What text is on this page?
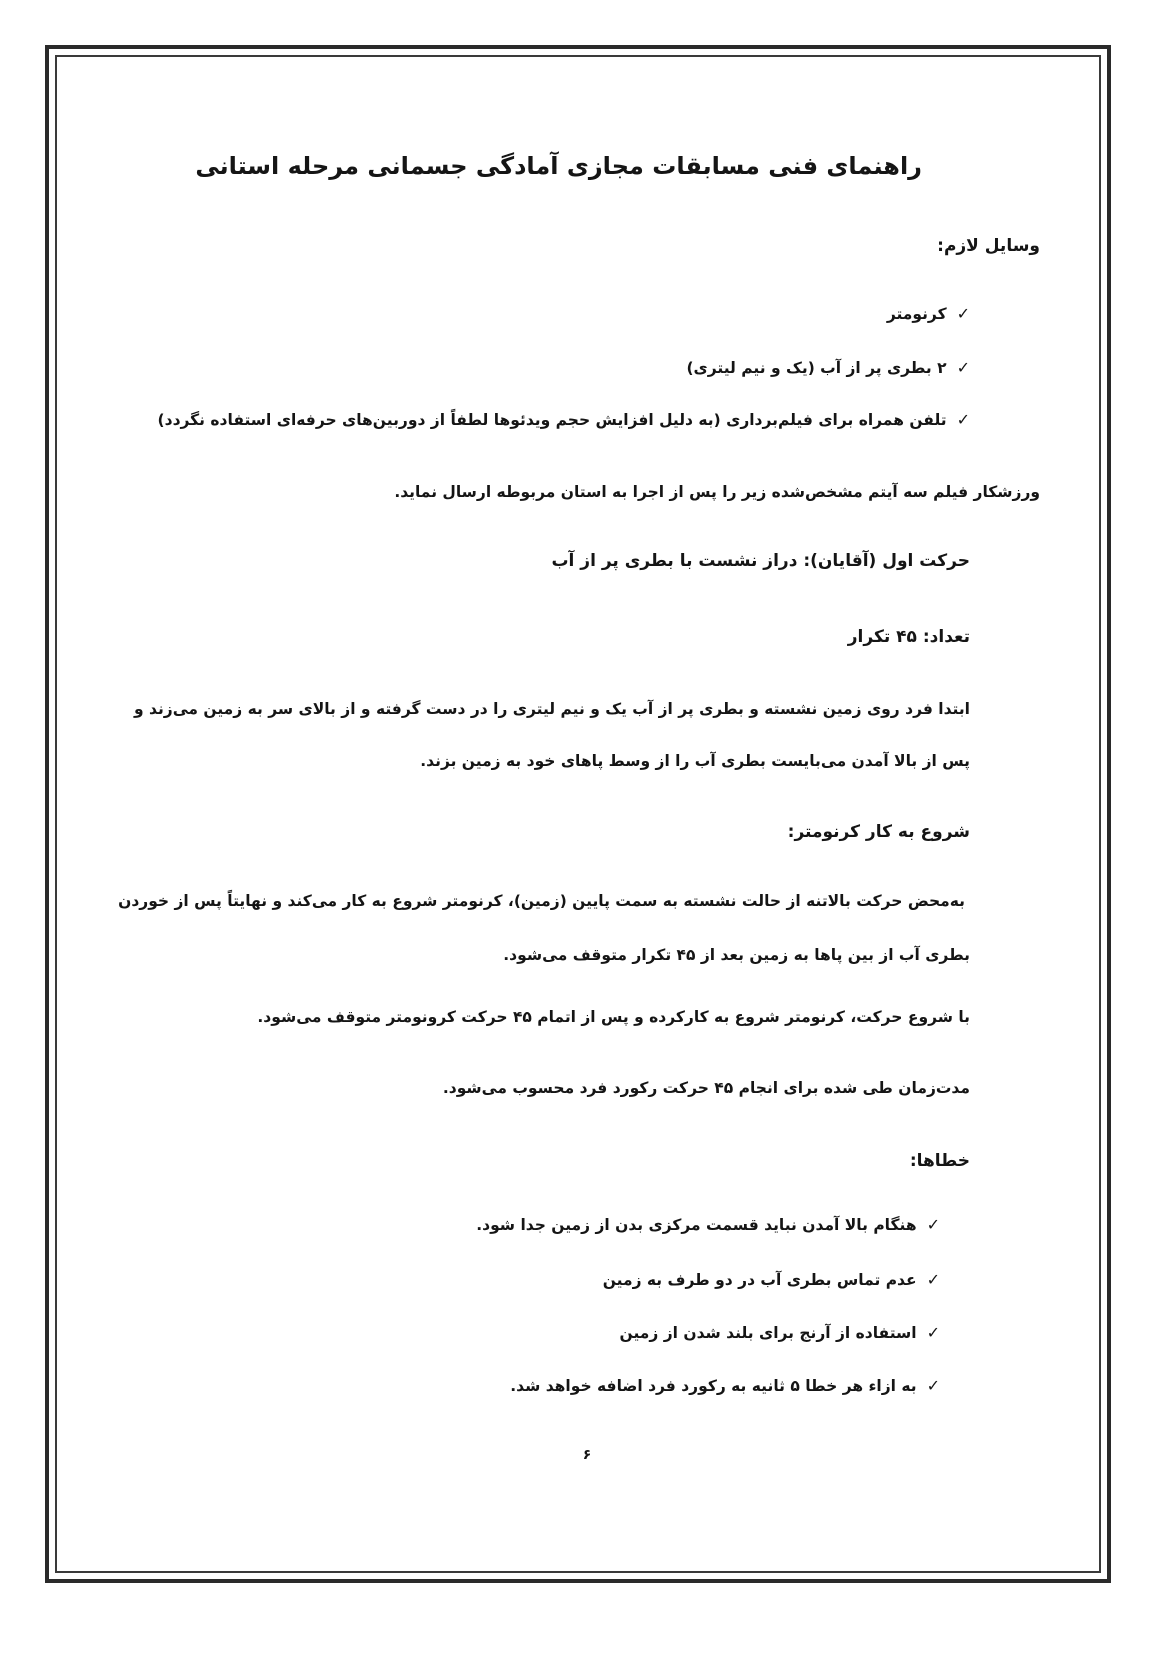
راهنمای فنی مسابقات مجازی آمادگی جسمانی مرحله استانی
وسایل لازم:
✓کرنومتر
✓۲ بطری پر از آب (یک و نیم لیتری)
✓تلفن همراه برای فیلم‌برداری (به دلیل افزایش حجم ویدئوها لطفاً از دوربین‌های حرفه‌ای استفاده نگردد)
ورزشکار فیلم سه آیتم مشخص‌شده زیر را پس از اجرا به استان مربوطه ارسال نماید.
حرکت اول (آقایان): دراز نشست با بطری پر از آب
تعداد: ۴۵ تکرار
ابتدا فرد روی زمین نشسته و بطری پر از آب یک و نیم لیتری را در دست گرفته و از بالای سر به زمین می‌زند و
پس از بالا آمدن می‌بایست بطری آب را از وسط پاهای خود به زمین بزند.
شروع به کار کرنومتر:
به‌محض حرکت بالاتنه از حالت نشسته به سمت پایین (زمین)، کرنومتر شروع به کار می‌کند و نهایتاً پس از خوردن
بطری آب از بین پاها به زمین بعد از ۴۵ تکرار متوقف می‌شود.
با شروع حرکت، کرنومتر شروع به کارکرده و پس از اتمام ۴۵ حرکت کرونومتر متوقف می‌شود.
مدت‌زمان طی شده برای انجام ۴۵ حرکت رکورد فرد محسوب می‌شود.
خطاها:
✓هنگام بالا آمدن نباید قسمت مرکزی بدن از زمین جدا شود.
✓عدم تماس بطری آب در دو طرف به زمین
✓استفاده از آرنج برای بلند شدن از زمین
✓به ازاء هر خطا ۵ ثانیه به رکورد فرد اضافه خواهد شد.
۶
